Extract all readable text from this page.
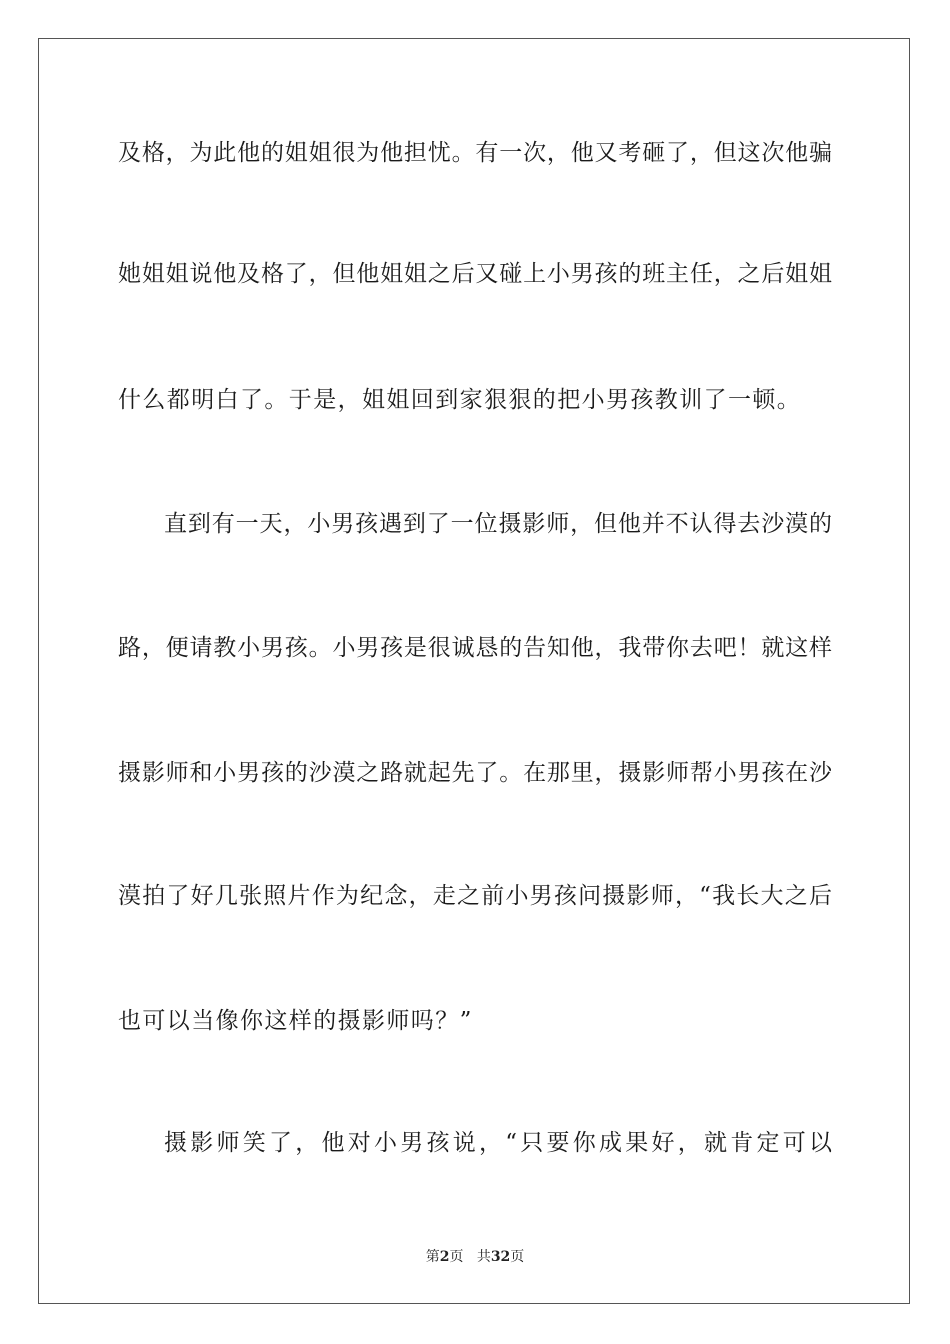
及格，为此他的姐姐很为他担忧。有一次，他又考砸了，但这次他骗
她姐姐说他及格了，但他姐姐之后又碰上小男孩的班主任，之后姐姐
什么都明白了。于是，姐姐回到家狠狠的把小男孩教训了一顿。
直到有一天，小男孩遇到了一位摄影师，但他并不认得去沙漠的
路，便请教小男孩。小男孩是很诚恳的告知他，我带你去吧！就这样
摄影师和小男孩的沙漠之路就起先了。在那里，摄影师帮小男孩在沙
漠拍了好几张照片作为纪念，走之前小男孩问摄影师，“我长大之后
也可以当像你这样的摄影师吗？”
摄影师笑了，他对小男孩说，“只要你成果好，就肯定可以
第2页 共32页
